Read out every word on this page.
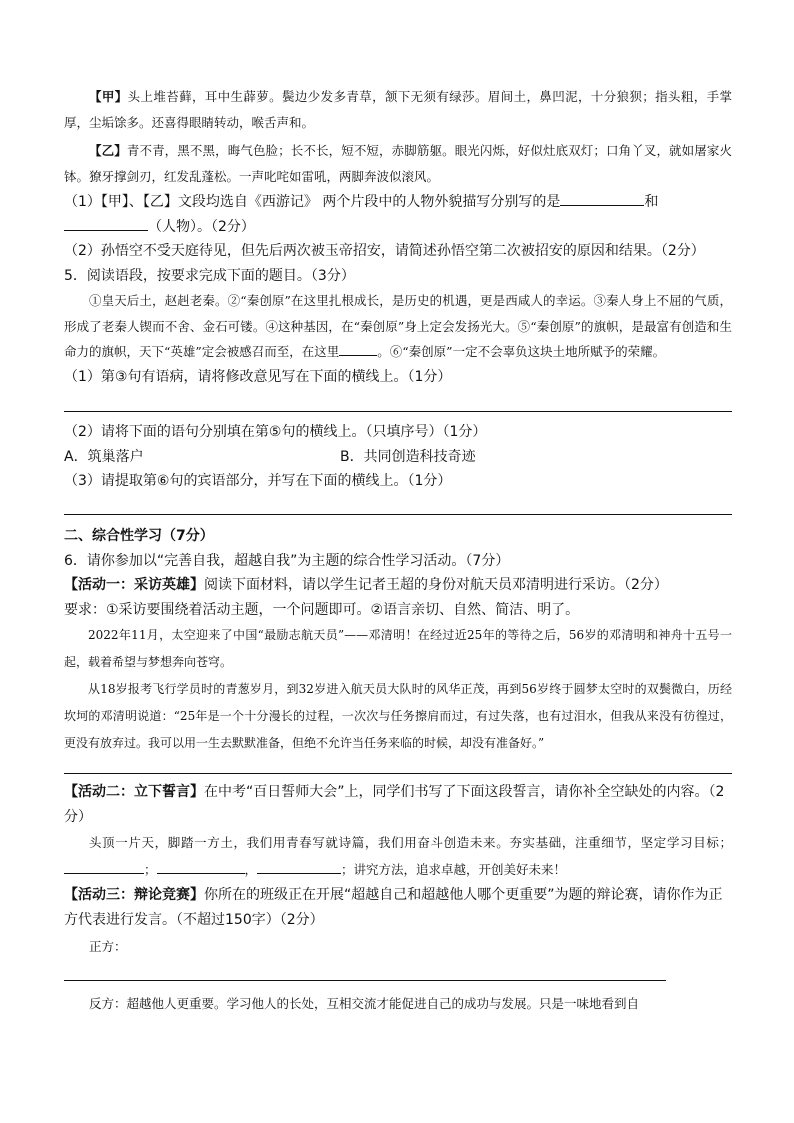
【甲】头上堆苔藓，耳中生薜萝。鬓边少发多青草，颔下无须有绿莎。眉间土，鼻凹泥，十分狼狈；指头粗，手掌厚，尘垢馀多。还喜得眼睛转动，喉舌声和。

【乙】青不青，黑不黑，晦气色脸；长不长，短不短，赤脚筋躯。眼光闪烁，好似灶底双灯；口角丫叉，就如屠家火钵。獠牙撑剑刃，红发乱蓬松。一声叱咤如雷吼，两脚奔波似滚风。

（1）【甲】、【乙】文段均选自《西游记》 两个片段中的人物外貌描写分别写的是	和
（人物）。（2分）

（2）孙悟空不受天庭待见，但先后两次被玉帝招安，请简述孙悟空第二次被招安的原因和结果。（2分）

5．阅读语段，按要求完成下面的题目。（3分）

①皇天后土，赵赳老秦。②“秦创原”在这里扎根成长，是历史的机遇，更是西咸人的幸运。③秦人身上不屈的气质，形成了老秦人锲而不舍、金石可镂。④这种基因，在“秦创原”身上定会发扬光大。⑤“秦创原”的旗帜，是最富有创造和生命力的旗帜，天下“英雄”定会被感召而至，在这里	。⑥“秦创原”一定不会辜负这块土地所赋予的荣耀。

（1）第③句有语病，请将修改意见写在下面的横线上。（1分）

（2）请将下面的语句分别填在第⑤句的横线上。（只填序号）（1分）

A．筑巢落户	B．共同创造科技奇迹

（3）请提取第⑥句的宾语部分，并写在下面的横线上。（1分）

二、综合性学习（7分）

6．请你参加以“完善自我，超越自我”为主题的综合性学习活动。（7分）

【活动一：采访英雄】阅读下面材料，请以学生记者王超的身份对航天员邓清明进行采访。（2分）

要求：①采访要围绕着活动主题，一个问题即可。②语言亲切、自然、简洁、明了。

2022年11月，太空迎来了中国“最励志航天员”——邓清明！在经过近25年的等待之后，56岁的邓清明和神舟十五号一起，载着希望与梦想奔向苍穹。

从18岁报考飞行学员时的青葱岁月，到32岁进入航天员大队时的风华正茂，再到56岁终于圆梦太空时的双鬓微白，历经坎坷的邓清明说道：“25年是一个十分漫长的过程，一次次与任务擦肩而过，有过失落，也有过泪水，但我从来没有彷徨过，更没有放弃过。我可以用一生去默默准备，但绝不允许当任务来临的时候，却没有准备好。”

【活动二：立下誓言】在中考“百日誓师大会”上，同学们书写了下面这段誓言，请你补全空缺处的内容。（2分）

头顶一片天，脚踏一方土，我们用青春写就诗篇，我们用奋斗创造未来。夯实基础，注重细节，坚定学习目标；；	，	；讲究方法，追求卓越，开创美好未来！

【活动三：辩论竞赛】你所在的班级正在开展“超越自己和超越他人哪个更重要”为题的辩论赛，请你作为正方代表进行发言。（不超过150字）（2分）

正方：

反方：超越他人更重要。学习他人的长处，互相交流才能促进自己的成功与发展。只是一味地看到自
